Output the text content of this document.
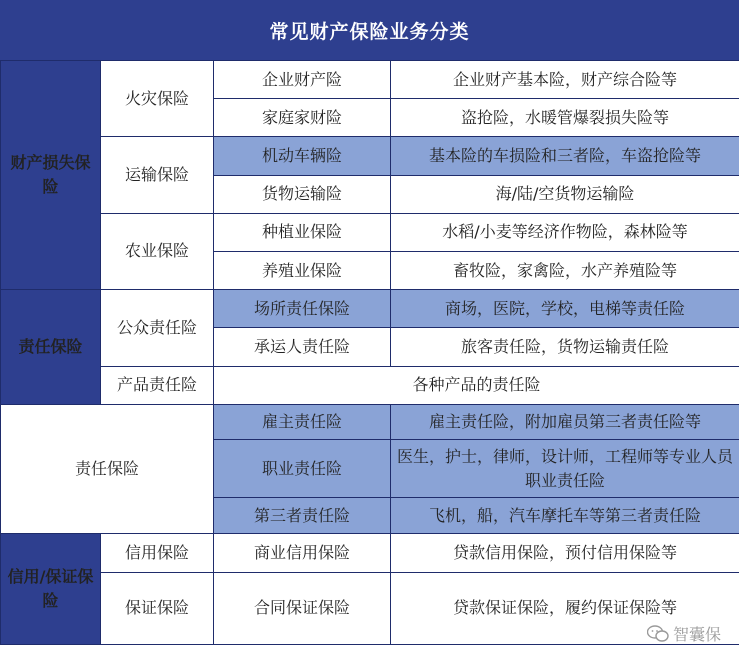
常见财产保险业务分类
财产损失保险	火灾保险	企业财产险	企业财产基本险，财产综合险等
		家庭家财险	盗抢险，水暖管爆裂损失险等
	运输保险	机动车辆险	基本险的车损险和三者险，车盗抢险等
		货物运输险	海/陆/空货物运输险
	农业保险	种植业保险	水稻/小麦等经济作物险，森林险等
		养殖业保险	畜牧险，家禽险，水产养殖险等
责任保险	公众责任险	场所责任保险	商场，医院，学校，电梯等责任险
		承运人责任险	旅客责任险，货物运输责任险
	产品责任险	各种产品的责任险	
责任保险		雇主责任险	雇主责任险，附加雇员第三者责任险等
		职业责任险	医生，护士，律师，设计师，工程师等专业人员职业责任险
		第三者责任险	飞机，船，汽车摩托车等第三者责任险
信用/保证保险	信用保险	商业信用保险	贷款信用保险，预付信用保险等
	保证保险	合同保证保险	贷款保证保险，履约保证保险等
智囊保
